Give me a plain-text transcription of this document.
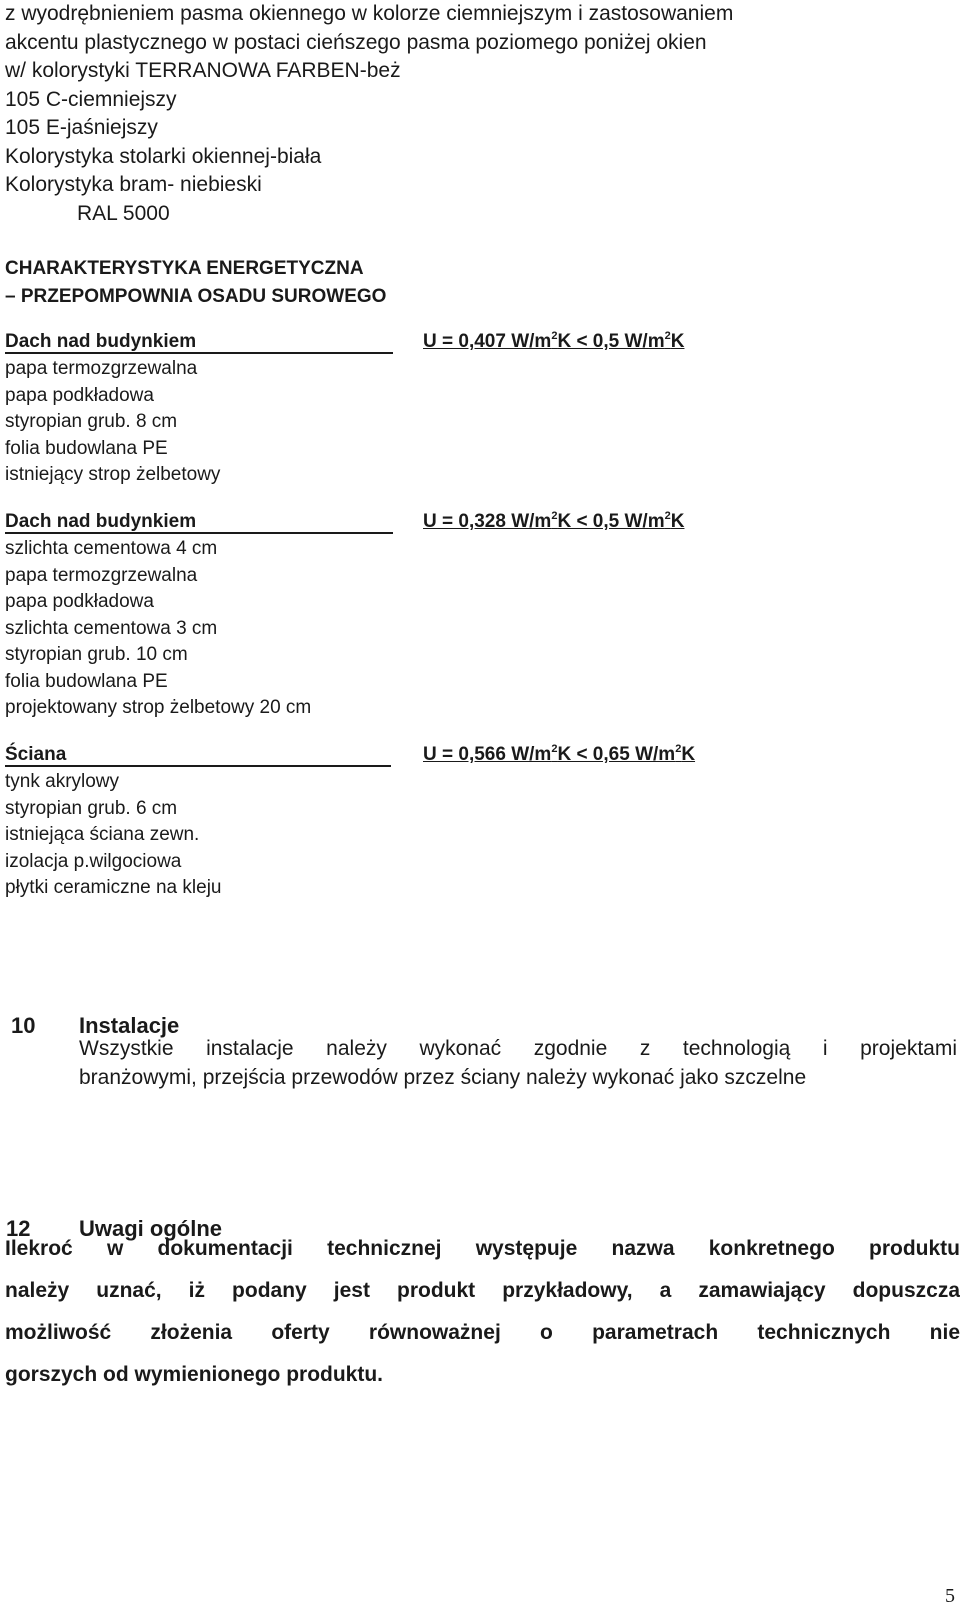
z wyodrębnieniem pasma okiennego w kolorze ciemniejszym i zastosowaniem
akcentu plastycznego w postaci cieńszego pasma poziomego poniżej okien
w/ kolorystyki TERRANOWA FARBEN-beż
105 C-ciemniejszy
105 E-jaśniejszy
Kolorystyka stolarki okiennej-biała
Kolorystyka bram- niebieski
RAL 5000
CHARAKTERYSTYKA ENERGETYCZNA
– PRZEPOMPOWNIA OSADU SUROWEGO
Dach nad budynkiem	U = 0,407 $W/m^2K < 0,5$ $W/m^2K$
papa termozgrzewalna
papa podkładowa
styropian grub. 8 cm
folia budowlana PE
istniejący strop żelbetowy
Dach nad budynkiem	U = 0,328 $W/m^2K < 0,5$ $W/m^2K$
szlichta cementowa 4 cm
papa termozgrzewalna
papa podkładowa
szlichta cementowa 3 cm
styropian grub. 10 cm
folia budowlana PE
projektowany strop żelbetowy 20 cm
Ściana	U = 0,566 $W/m^2K < 0,65$ $W/m^2K$
tynk akrylowy
styropian grub. 6 cm
istniejąca ściana zewn.
izolacja p.wilgociowa
płytki ceramiczne na kleju
10 Instalacje
Wszystkie instalacje należy wykonać zgodnie z technologią i projektami
branżowymi, przejścia przewodów przez ściany należy wykonać jako szczelne
12 Uwagi ogólne
Ilekroć w dokumentacji technicznej występuje nazwa konkretnego produktu
należy uznać, iż podany jest produkt przykładowy, a zamawiający dopuszcza
możliwość złożenia oferty równoważnej o parametrach technicznych nie
gorszych od wymienionego produktu.
5
